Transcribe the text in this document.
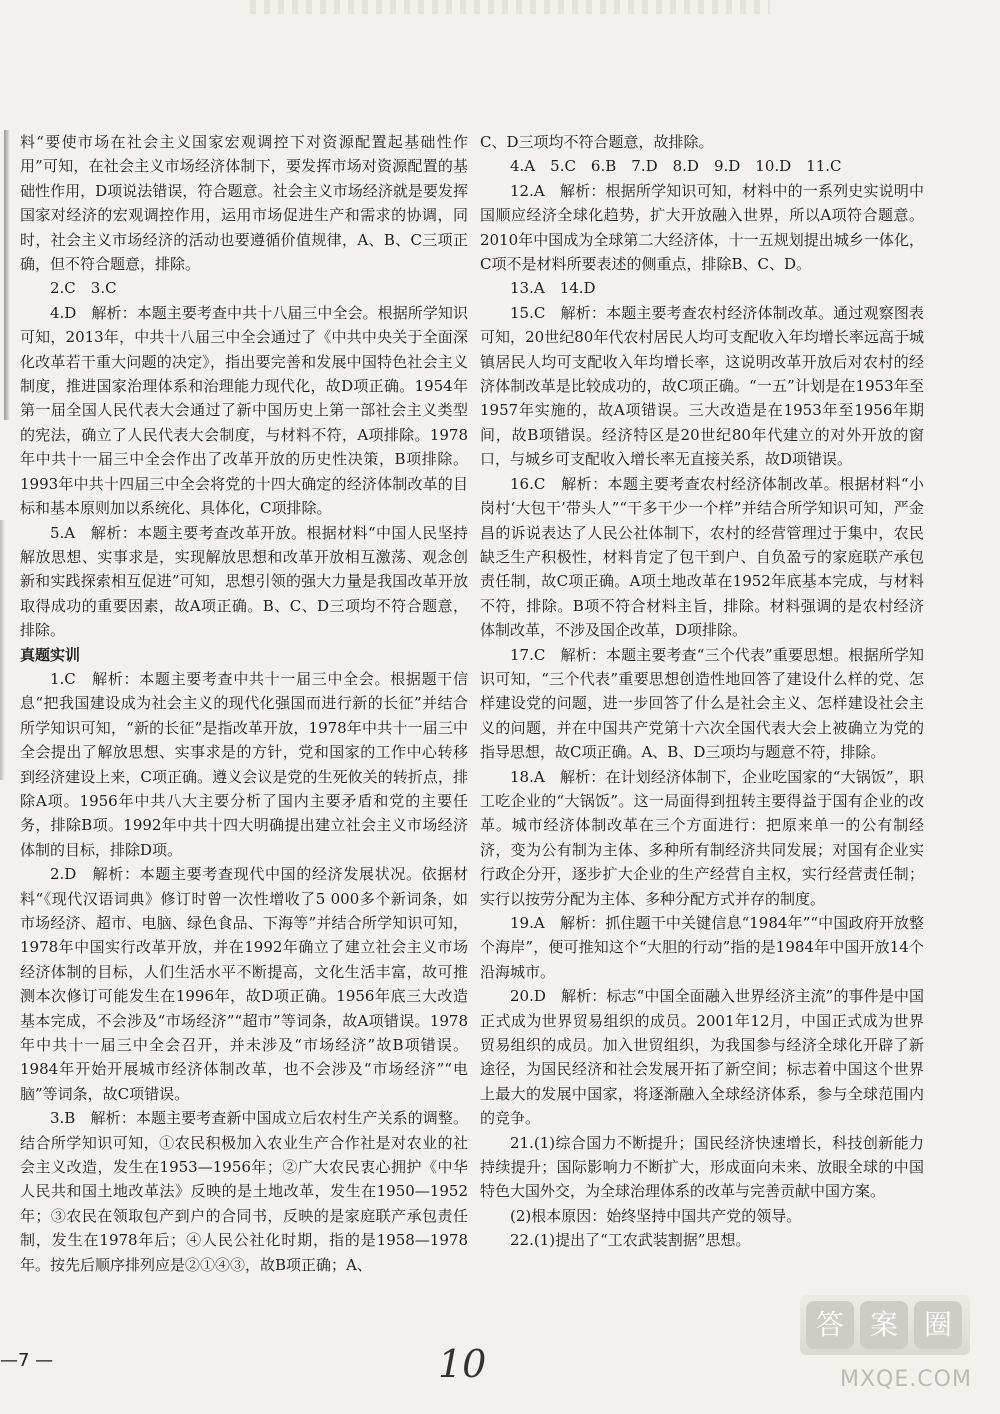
料“要使市场在社会主义国家宏观调控下对资源配置起基础性作用”可知，在社会主义市场经济体制下，要发挥市场对资源配置的基础性作用，D项说法错误，符合题意。社会主义市场经济就是要发挥国家对经济的宏观调控作用，运用市场促进生产和需求的协调，同时，社会主义市场经济的活动也要遵循价值规律，A、B、C三项正确，但不符合题意，排除。

2.C　3.C

4.D　解析：本题主要考查中共十八届三中全会。根据所学知识可知，2013年，中共十八届三中全会通过了《中共中央关于全面深化改革若干重大问题的决定》，指出要完善和发展中国特色社会主义制度，推进国家治理体系和治理能力现代化，故D项正确。1954年第一届全国人民代表大会通过了新中国历史上第一部社会主义类型的宪法，确立了人民代表大会制度，与材料不符，A项排除。1978年中共十一届三中全会作出了改革开放的历史性决策，B项排除。1993年中共十四届三中全会将党的十四大确定的经济体制改革的目标和基本原则加以系统化、具体化，C项排除。

5.A　解析：本题主要考查改革开放。根据材料“中国人民坚持解放思想、实事求是，实现解放思想和改革开放相互激荡、观念创新和实践探索相互促进”可知，思想引领的强大力量是我国改革开放取得成功的重要因素，故A项正确。B、C、D三项均不符合题意，排除。

真题实训

1.C　解析：本题主要考查中共十一届三中全会。根据题干信息“把我国建设成为社会主义的现代化强国而进行新的长征”并结合所学知识可知，“新的长征”是指改革开放，1978年中共十一届三中全会提出了解放思想、实事求是的方针，党和国家的工作中心转移到经济建设上来，C项正确。遵义会议是党的生死攸关的转折点，排除A项。1956年中共八大主要分析了国内主要矛盾和党的主要任务，排除B项。1992年中共十四大明确提出建立社会主义市场经济体制的目标，排除D项。

2.D　解析：本题主要考查现代中国的经济发展状况。依据材料“《现代汉语词典》修订时曾一次性增收了5 000多个新词条，如市场经济、超市、电脑、绿色食品、下海等”并结合所学知识可知，1978年中国实行改革开放，并在1992年确立了建立社会主义市场经济体制的目标，人们生活水平不断提高，文化生活丰富，故可推测本次修订可能发生在1996年，故D项正确。1956年底三大改造基本完成，不会涉及“市场经济”“超市”等词条，故A项错误。1978年中共十一届三中全会召开，并未涉及“市场经济”故B项错误。1984年开始开展城市经济体制改革，也不会涉及“市场经济”“电脑”等词条，故C项错误。

3.B　解析：本题主要考查新中国成立后农村生产关系的调整。结合所学知识可知，①农民积极加入农业生产合作社是对农业的社会主义改造，发生在1953—1956年；②广大农民衷心拥护《中华人民共和国土地改革法》反映的是土地改革，发生在1950—1952年；③农民在领取包产到户的合同书，反映的是家庭联产承包责任制，发生在1978年后；④人民公社化时期，指的是1958—1978年。按先后顺序排列应是②①④③，故B项正确；A、

C、D三项均不符合题意，故排除。

4.A　5.C　6.B　7.D　8.D　9.D　10.D　11.C

12.A　解析：根据所学知识可知，材料中的一系列史实说明中国顺应经济全球化趋势，扩大开放融入世界，所以A项符合题意。2010年中国成为全球第二大经济体，十一五规划提出城乡一体化，C项不是材料所要表述的侧重点，排除B、C、D。

13.A　14.D

15.C　解析：本题主要考查农村经济体制改革。通过观察图表可知，20世纪80年代农村居民人均可支配收入年均增长率远高于城镇居民人均可支配收入年均增长率，这说明改革开放后对农村的经济体制改革是比较成功的，故C项正确。“一五”计划是在1953年至1957年实施的，故A项错误。三大改造是在1953年至1956年期间，故B项错误。经济特区是20世纪80年代建立的对外开放的窗口，与城乡可支配收入增长率无直接关系，故D项错误。

16.C　解析：本题主要考查农村经济体制改革。根据材料“小岗村‘大包干’带头人”“干多干少一个样”并结合所学知识可知，严金昌的诉说表达了人民公社体制下，农村的经营管理过于集中，农民缺乏生产积极性，材料肯定了包干到户、自负盈亏的家庭联产承包责任制，故C项正确。A项土地改革在1952年底基本完成，与材料不符，排除。B项不符合材料主旨，排除。材料强调的是农村经济体制改革，不涉及国企改革，D项排除。

17.C　解析：本题主要考查“三个代表”重要思想。根据所学知识可知，“三个代表”重要思想创造性地回答了建设什么样的党、怎样建设党的问题，进一步回答了什么是社会主义、怎样建设社会主义的问题，并在中国共产党第十六次全国代表大会上被确立为党的指导思想，故C项正确。A、B、D三项均与题意不符，排除。

18.A　解析：在计划经济体制下，企业吃国家的“大锅饭”，职工吃企业的“大锅饭”。这一局面得到扭转主要得益于国有企业的改革。城市经济体制改革在三个方面进行：把原来单一的公有制经济，变为公有制为主体、多种所有制经济共同发展；对国有企业实行政企分开，逐步扩大企业的生产经营自主权，实行经营责任制；实行以按劳分配为主体、多种分配方式并存的制度。

19.A　解析：抓住题干中关键信息“1984年”“中国政府开放整个海岸”，便可推知这个“大胆的行动”指的是1984年中国开放14个沿海城市。

20.D　解析：标志“中国全面融入世界经济主流”的事件是中国正式成为世界贸易组织的成员。2001年12月，中国正式成为世界贸易组织的成员。加入世贸组织，为我国参与经济全球化开辟了新途径，为国民经济和社会发展开拓了新空间；标志着中国这个世界上最大的发展中国家，将逐渐融入全球经济体系，参与全球范围内的竞争。

21.(1)综合国力不断提升；国民经济快速增长，科技创新能力持续提升；国际影响力不断扩大，形成面向未来、放眼全球的中国特色大国外交，为全球治理体系的改革与完善贡献中国方案。

(2)根本原因：始终坚持中国共产党的领导。

22.(1)提出了“工农武装割据”思想。

—7 —	10
答 案 圈
MXQE.COM
